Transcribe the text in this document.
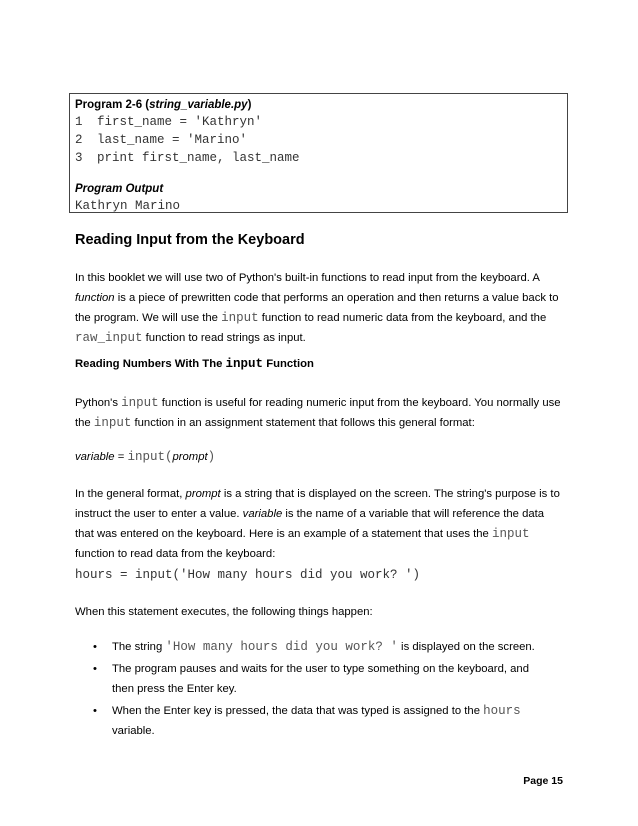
Program 2-6 (string_variable.py)
1 first_name = 'Kathryn'
2 last_name = 'Marino'
3 print first_name, last_name
Program Output
Kathryn Marino
Reading Input from the Keyboard
In this booklet we will use two of Python's built-in functions to read input from the keyboard. A function is a piece of prewritten code that performs an operation and then returns a value back to the program. We will use the input function to read numeric data from the keyboard, and the raw_input function to read strings as input.
Reading Numbers With The input Function
Python's input function is useful for reading numeric input from the keyboard. You normally use the input function in an assignment statement that follows this general format:
variable = input(prompt)
In the general format, prompt is a string that is displayed on the screen. The string's purpose is to instruct the user to enter a value. variable is the name of a variable that will reference the data that was entered on the keyboard. Here is an example of a statement that uses the input function to read data from the keyboard:
hours = input('How many hours did you work? ')
When this statement executes, the following things happen:
• The string 'How many hours did you work? ' is displayed on the screen.
• The program pauses and waits for the user to type something on the keyboard, and then press the Enter key.
• When the Enter key is pressed, the data that was typed is assigned to the hours variable.
Page 15
